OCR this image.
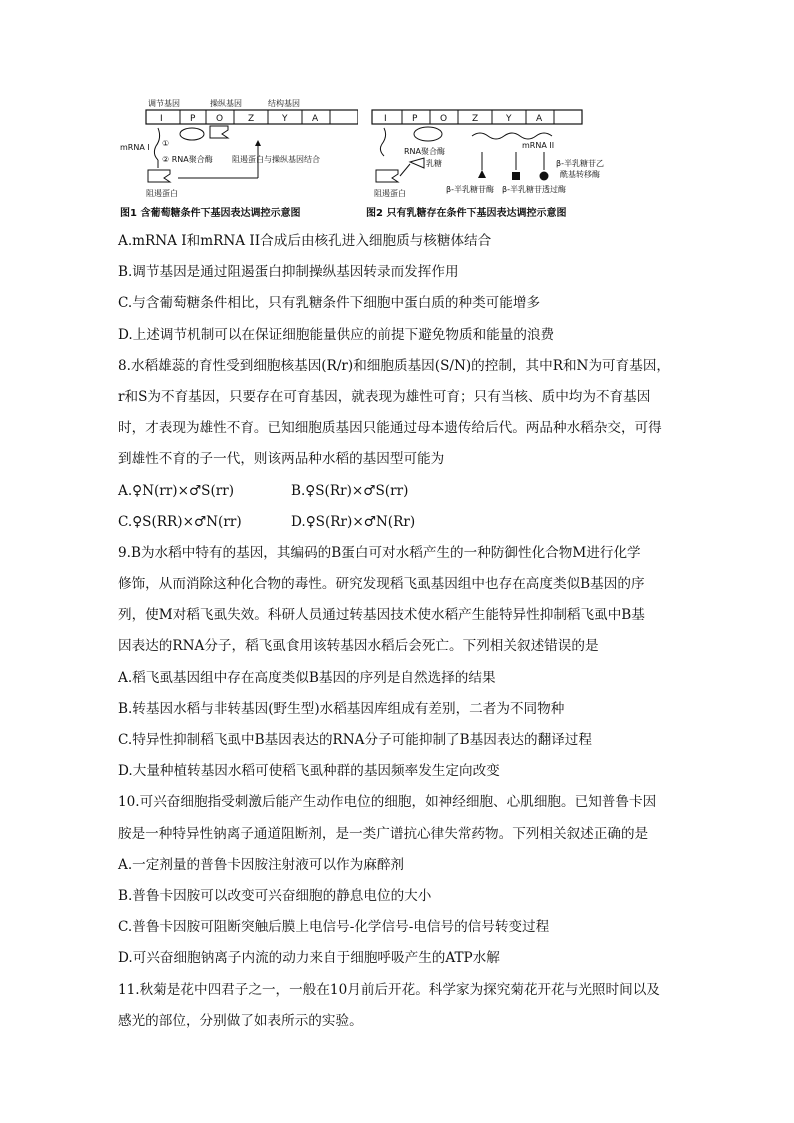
调节基因	操纵基因	结构基因
I	P O	Z	Y	A
mRNA I ①
② RNA聚合酶 阻遏蛋白与操纵基因结合
阻遏蛋白
图1 含葡萄糖条件下基因表达调控示意图
I	P	O	Z	Y	A
RNA聚合酶
mRNA II
乳糖
阻遏蛋白	β-半乳糖苷酶 β-半乳糖苷透过酶
β-半乳糖苷乙
酰基转移酶
图2 只有乳糖存在条件下基因表达调控示意图
A.mRNA I和mRNA II合成后由核孔进入细胞质与核糖体结合
B.调节基因是通过阻遏蛋白抑制操纵基因转录而发挥作用
C.与含葡萄糖条件相比，只有乳糖条件下细胞中蛋白质的种类可能增多
D.上述调节机制可以在保证细胞能量供应的前提下避免物质和能量的浪费
8.水稻雄蕊的育性受到细胞核基因(R/r)和细胞质基因(S/N)的控制，其中R和N为可育基因，
r和S为不育基因，只要存在可育基因，就表现为雄性可育；只有当核、质中均为不育基因
时，才表现为雄性不育。已知细胞质基因只能通过母本遗传给后代。两品种水稻杂交，可得
到雄性不育的子一代，则该两品种水稻的基因型可能为
A.♀N(rr)×♂S(rr)	B.♀S(Rr)×♂S(rr)
C.♀S(RR)×♂N(rr)	D.♀S(Rr)×♂N(Rr)
9.B为水稻中特有的基因，其编码的B蛋白可对水稻产生的一种防御性化合物M进行化学
修饰，从而消除这种化合物的毒性。研究发现稻飞虱基因组中也存在高度类似B基因的序
列，使M对稻飞虱失效。科研人员通过转基因技术使水稻产生能特异性抑制稻飞虱中B基
因表达的RNA分子，稻飞虱食用该转基因水稻后会死亡。下列相关叙述错误的是
A.稻飞虱基因组中存在高度类似B基因的序列是自然选择的结果
B.转基因水稻与非转基因(野生型)水稻基因库组成有差别，二者为不同物种
C.特异性抑制稻飞虱中B基因表达的RNA分子可能抑制了B基因表达的翻译过程
D.大量种植转基因水稻可使稻飞虱种群的基因频率发生定向改变
10.可兴奋细胞指受刺激后能产生动作电位的细胞，如神经细胞、心肌细胞。已知普鲁卡因
胺是一种特异性钠离子通道阻断剂，是一类广谱抗心律失常药物。下列相关叙述正确的是
A.一定剂量的普鲁卡因胺注射液可以作为麻醉剂
B.普鲁卡因胺可以改变可兴奋细胞的静息电位的大小
C.普鲁卡因胺可阻断突触后膜上电信号-化学信号-电信号的信号转变过程
D.可兴奋细胞钠离子内流的动力来自于细胞呼吸产生的ATP水解
11.秋菊是花中四君子之一，一般在10月前后开花。科学家为探究菊花开花与光照时间以及
感光的部位，分别做了如表所示的实验。
